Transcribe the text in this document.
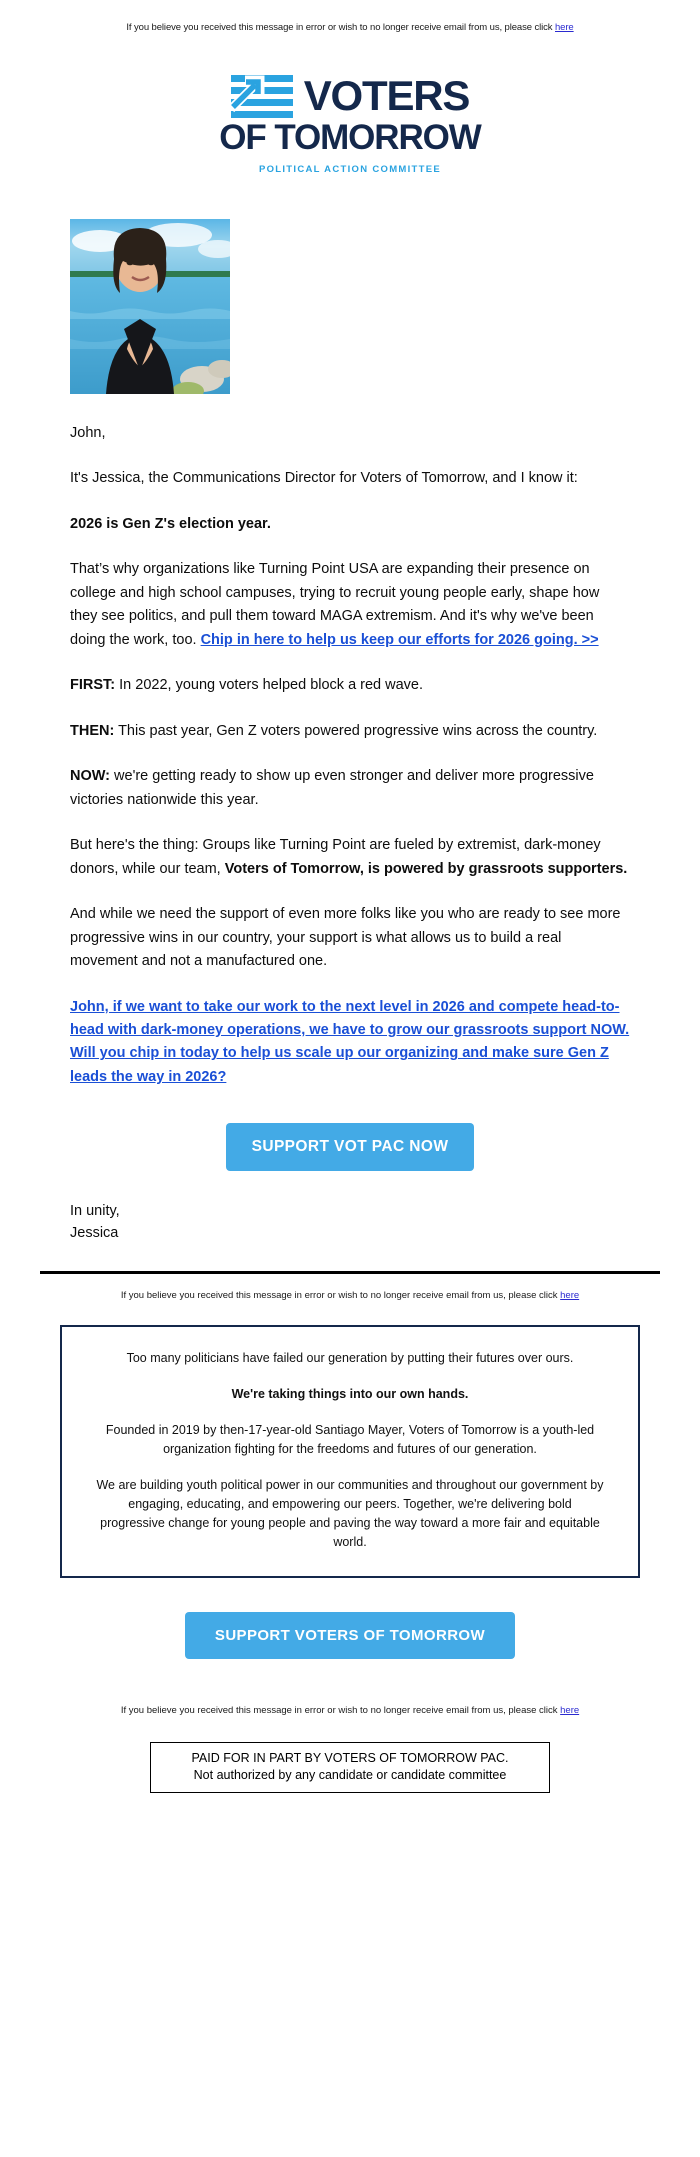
If you believe you received this message in error or wish to no longer receive email from us, please click here
VOTERS
OF TOMORROW
POLITICAL ACTION COMMITTEE

John,

It's Jessica, the Communications Director for Voters of Tomorrow, and I know it:

2026 is Gen Z's election year.

That’s why organizations like Turning Point USA are expanding their presence on college and high school campuses, trying to recruit young people early, shape how they see politics, and pull them toward MAGA extremism. And it's why we've been doing the work, too. Chip in here to help us keep our efforts for 2026 going. >>

FIRST: In 2022, young voters helped block a red wave.

THEN: This past year, Gen Z voters powered progressive wins across the country.

NOW: we're getting ready to show up even stronger and deliver more progressive victories nationwide this year.

But here's the thing: Groups like Turning Point are fueled by extremist, dark-money donors, while our team, Voters of Tomorrow, is powered by grassroots supporters.

And while we need the support of even more folks like you who are ready to see more progressive wins in our country, your support is what allows us to build a real movement and not a manufactured one.

John, if we want to take our work to the next level in 2026 and compete head-to-head with dark-money operations, we have to grow our grassroots support NOW. Will you chip in today to help us scale up our organizing and make sure Gen Z leads the way in 2026?
SUPPORT VOT PAC NOW
In unity,
Jessica
If you believe you received this message in error or wish to no longer receive email from us, please click here

Too many politicians have failed our generation by putting their futures over ours.

We're taking things into our own hands.

Founded in 2019 by then-17-year-old Santiago Mayer, Voters of Tomorrow is a youth-led organization fighting for the freedoms and futures of our generation.

We are building youth political power in our communities and throughout our government by engaging, educating, and empowering our peers. Together, we're delivering bold progressive change for young people and paving the way toward a more fair and equitable world.

SUPPORT VOTERS OF TOMORROW
If you believe you received this message in error or wish to no longer receive email from us, please click here
PAID FOR IN PART BY VOTERS OF TOMORROW PAC.
Not authorized by any candidate or candidate committee
